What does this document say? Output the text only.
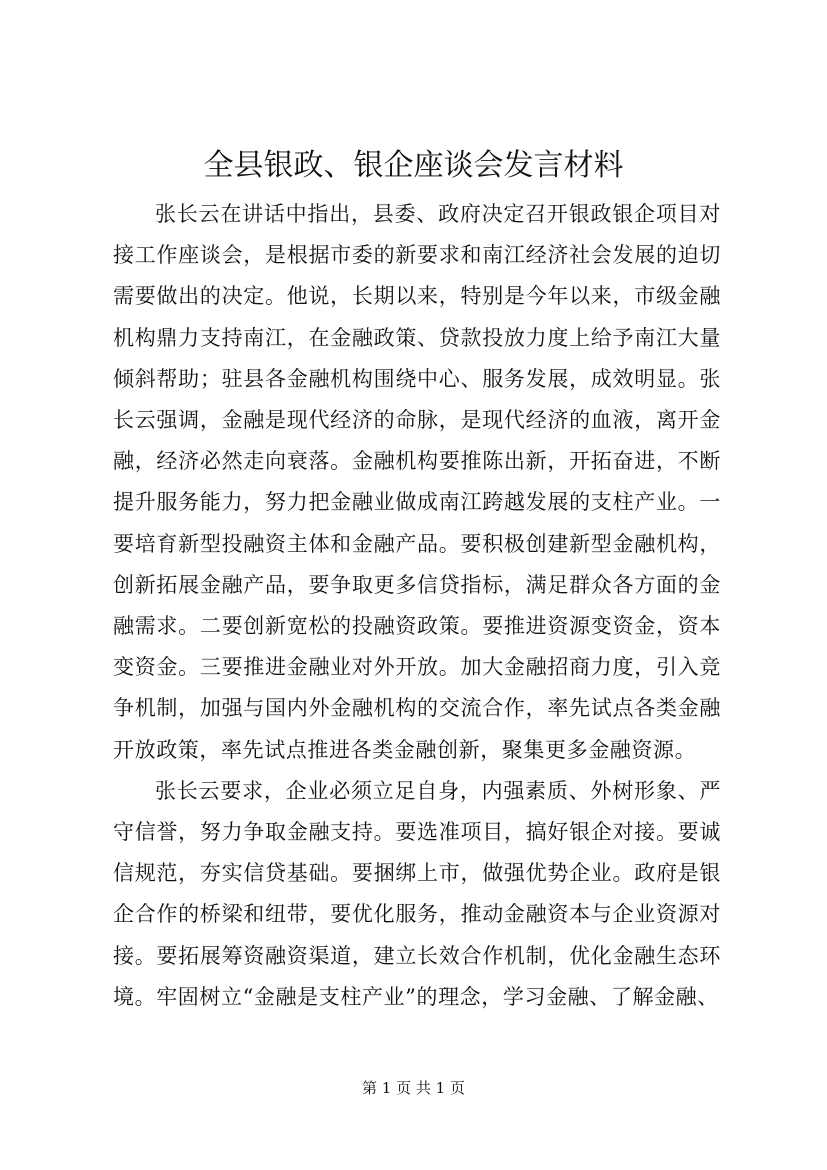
全县银政、银企座谈会发言材料

张长云在讲话中指出，县委、政府决定召开银政银企项目对接工作座谈会，是根据市委的新要求和南江经济社会发展的迫切需要做出的决定。他说，长期以来，特别是今年以来，市级金融机构鼎力支持南江，在金融政策、贷款投放力度上给予南江大量倾斜帮助；驻县各金融机构围绕中心、服务发展，成效明显。张长云强调，金融是现代经济的命脉，是现代经济的血液，离开金融，经济必然走向衰落。金融机构要推陈出新，开拓奋进，不断提升服务能力，努力把金融业做成南江跨越发展的支柱产业。一要培育新型投融资主体和金融产品。要积极创建新型金融机构，创新拓展金融产品，要争取更多信贷指标，满足群众各方面的金融需求。二要创新宽松的投融资政策。要推进资源变资金，资本变资金。三要推进金融业对外开放。加大金融招商力度，引入竞争机制，加强与国内外金融机构的交流合作，率先试点各类金融开放政策，率先试点推进各类金融创新，聚集更多金融资源。

张长云要求，企业必须立足自身，内强素质、外树形象、严守信誉，努力争取金融支持。要选准项目，搞好银企对接。要诚信规范，夯实信贷基础。要捆绑上市，做强优势企业。政府是银企合作的桥梁和纽带，要优化服务，推动金融资本与企业资源对接。要拓展筹资融资渠道，建立长效合作机制，优化金融生态环境。牢固树立“金融是支柱产业”的理念，学习金融、了解金融、

第 1 页 共 1 页
